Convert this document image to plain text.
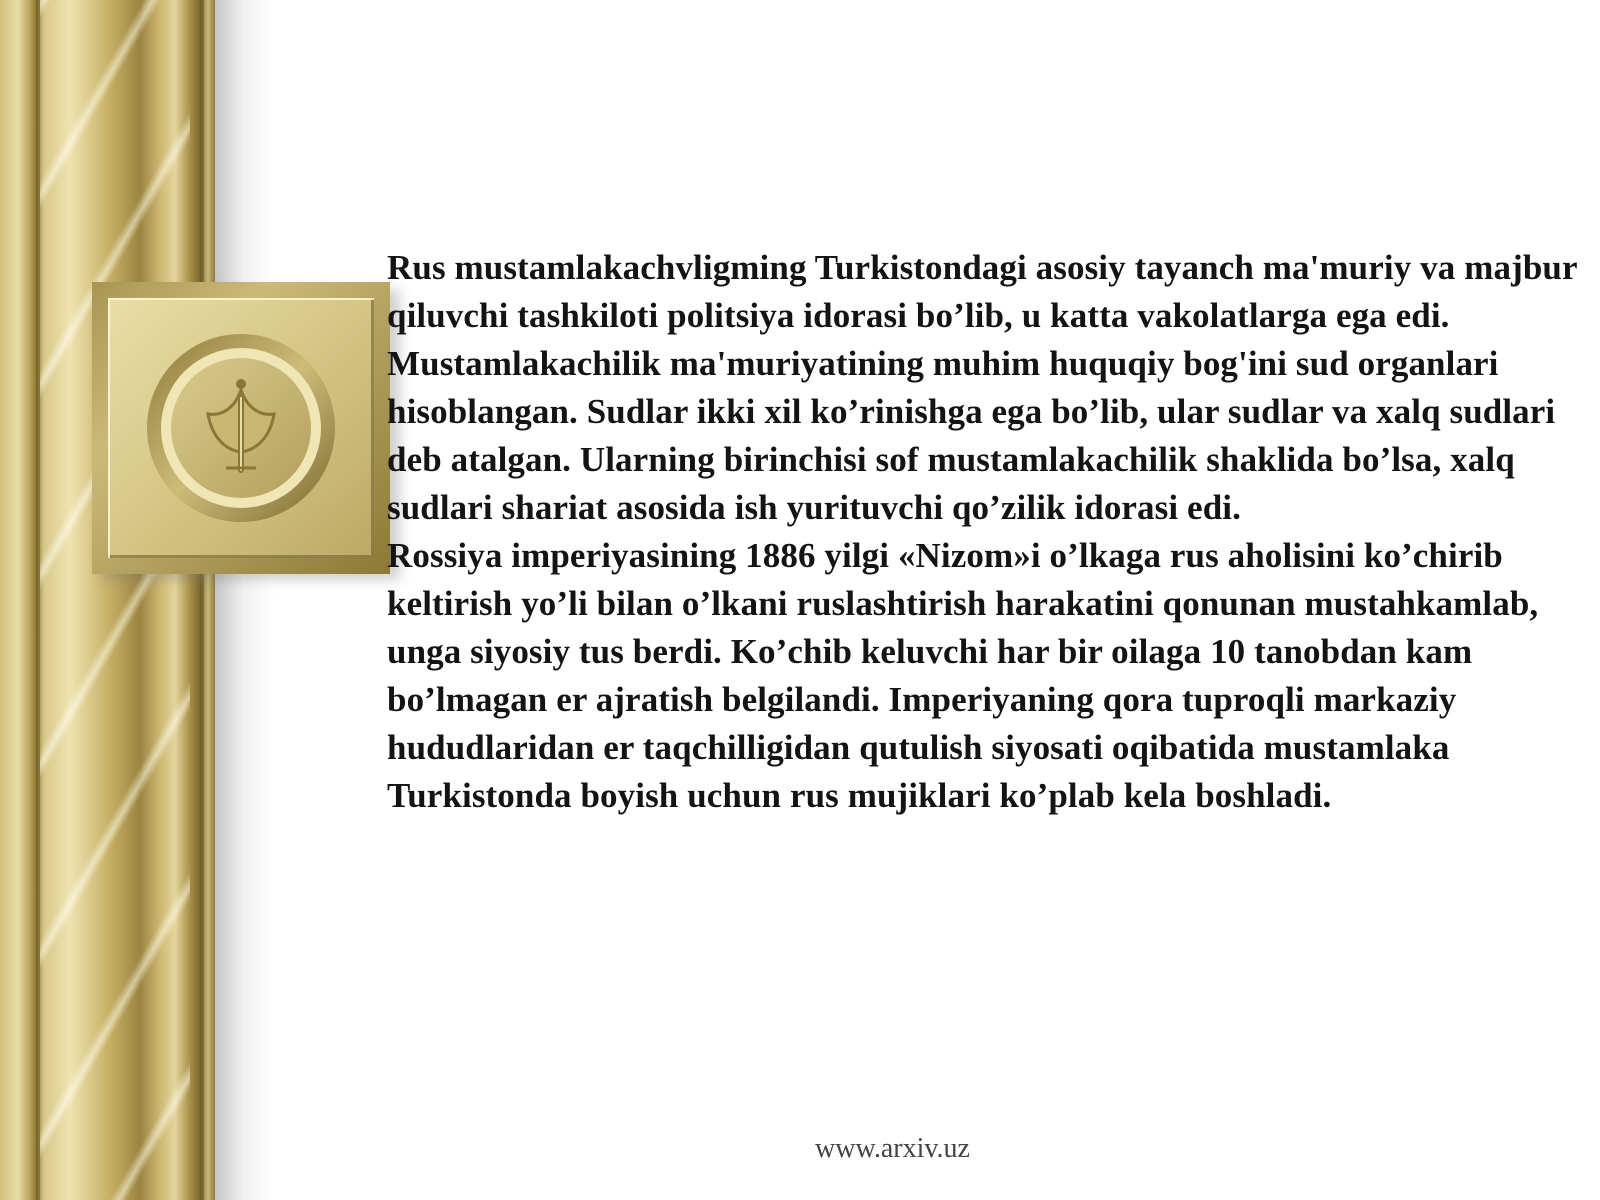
Rus mustamlakachvligming Turkistondagi asosiy tayanch ma'muriy va majbur qiluvchi tashkiloti politsiya idorasi bo’lib, u katta vakolatlarga ega edi.

Mustamlakachilik ma'muriyatining muhim huquqiy bog'ini sud organlari hisoblangan. Sudlar ikki xil ko’rinishga ega bo’lib, ular sudlar va xalq sudlari deb atalgan. Ularning birinchisi sof mustamlakachilik shaklida bo’lsa, xalq sudlari shariat asosida ish yurituvchi qo’zilik idorasi edi.

Rossiya imperiyasining 1886 yilgi «Nizom»i o’lkaga rus aholisini ko’chirib keltirish yo’li bilan o’lkani ruslashtirish harakatini qonunan mustahkamlab, unga siyosiy tus berdi. Ko’chib keluvchi har bir oilaga 10 tanobdan kam bo’lmagan er ajratish belgilandi. Imperiyaning qora tuproqli markaziy hududlaridan er taqchilligidan qutulish siyosati oqibatida mustamlaka Turkistonda boyish uchun rus mujiklari ko’plab kela boshladi.

www.arxiv.uz
